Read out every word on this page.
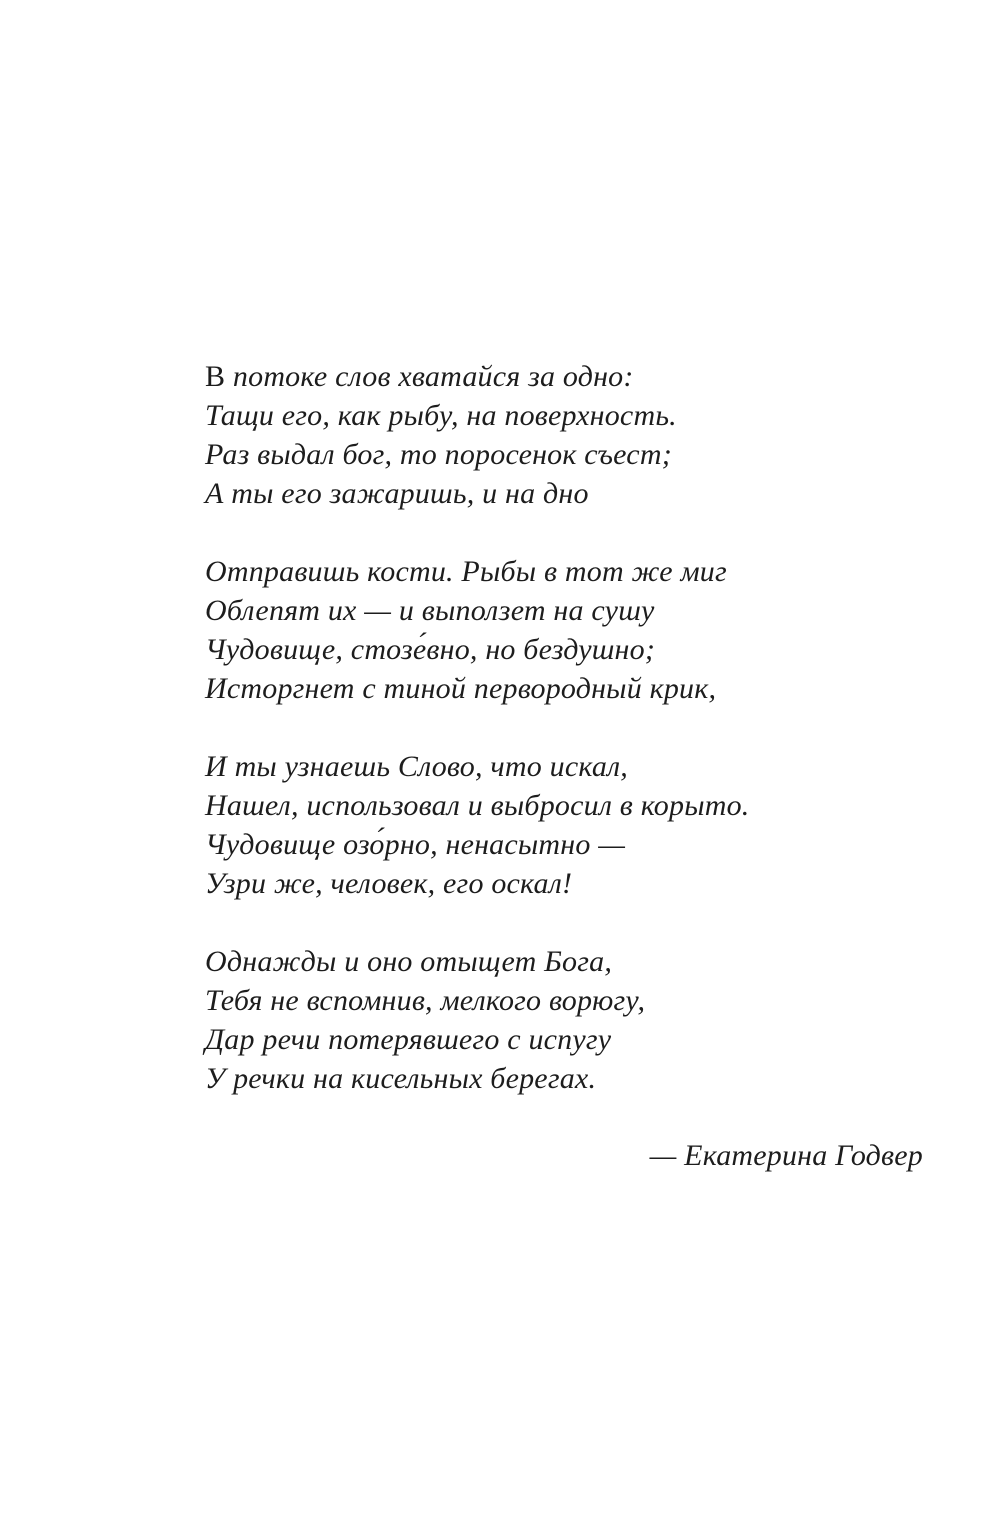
В потоке слов хватайся за одно:
Тащи его, как рыбу, на поверхность.
Раз выдал бог, то поросенок съест;
А ты его зажаришь, и на дно
Отправишь кости. Рыбы в тот же миг
Облепят их — и выползет на сушу
Чудовище, стозе́вно, но бездушно;
Исторгнет с тиной первородный крик,
И ты узнаешь Слово, что искал,
Нашел, использовал и выбросил в корыто.
Чудовище озо́рно, ненасытно —
Узри же, человек, его оскал!
Однажды и оно отыщет Бога,
Тебя не вспомнив, мелкого ворюгу,
Дар речи потерявшего с испугу
У речки на кисельных берегах.
— Екатерина Годвер
